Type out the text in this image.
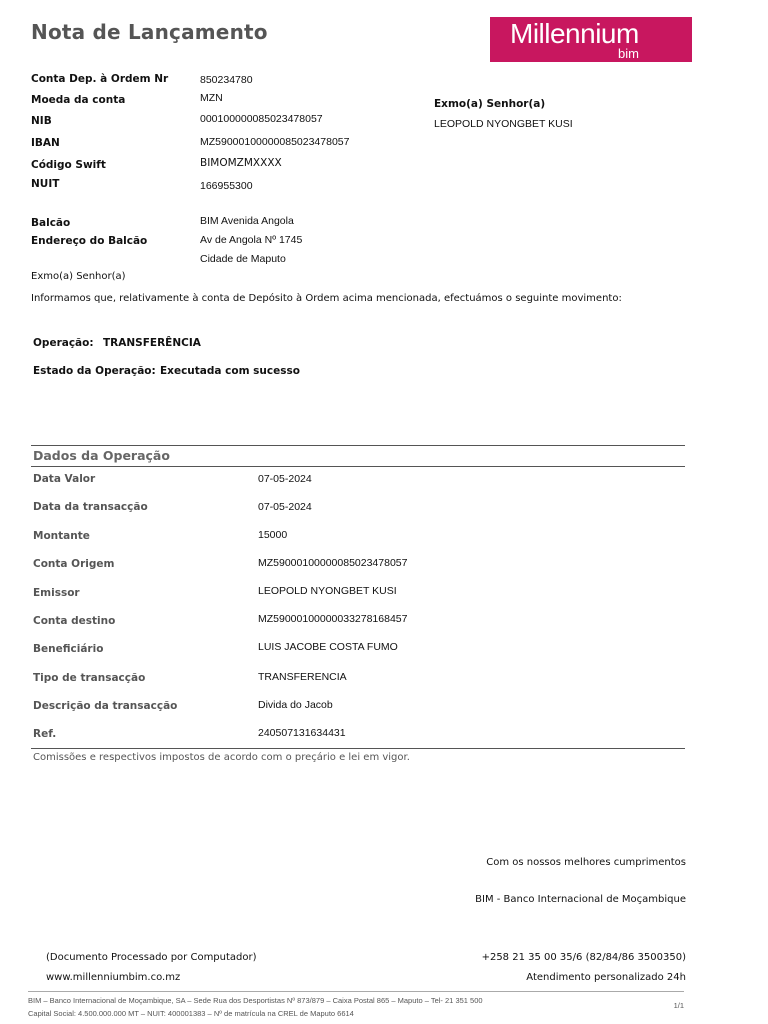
Nota de Lançamento	Millennium
bim
Conta Dep. à Ordem Nr	850234780
Moeda da conta	MZN
NIB	000100000085023478057
IBAN	MZ59000100000085023478057
Código Swift	BIMOMZMXXXX
NUIT	166955300
Balcão	BIM Avenida Angola
Endereço do Balcão	Av de Angola Nº 1745
Cidade de Maputo
Exmo(a) Senhor(a)
LEOPOLD NYONGBET KUSI
Exmo(a) Senhor(a)
Informamos que, relativamente à conta de Depósito à Ordem acima mencionada, efectuámos o seguinte movimento:
Operação: TRANSFERÊNCIA
Estado da Operação: Executada com sucesso
Dados da Operação
Data Valor	07-05-2024
Data da transacção	07-05-2024
Montante	15000
Conta Origem	MZ59000100000085023478057
Emissor	LEOPOLD NYONGBET KUSI
Conta destino	MZ59000100000033278168457
Beneficiário	LUIS JACOBE COSTA FUMO
Tipo de transacção	TRANSFERENCIA
Descrição da transacção	Divida do Jacob
Ref.	240507131634431
Comissões e respectivos impostos de acordo com o preçário e lei em vigor.
Com os nossos melhores cumprimentos
BIM - Banco Internacional de Moçambique
(Documento Processado por Computador)
www.millenniumbim.co.mz
+258 21 35 00 35/6 (82/84/86 3500350)
Atendimento personalizado 24h
BIM – Banco Internacional de Moçambique, SA – Sede Rua dos Desportistas Nº 873/879 – Caixa Postal 865 – Maputo – Tel- 21 351 500
Capital Social: 4.500.000.000 MT – NUIT: 400001383 – Nº de matrícula na CREL de Maputo 6614
1/1
